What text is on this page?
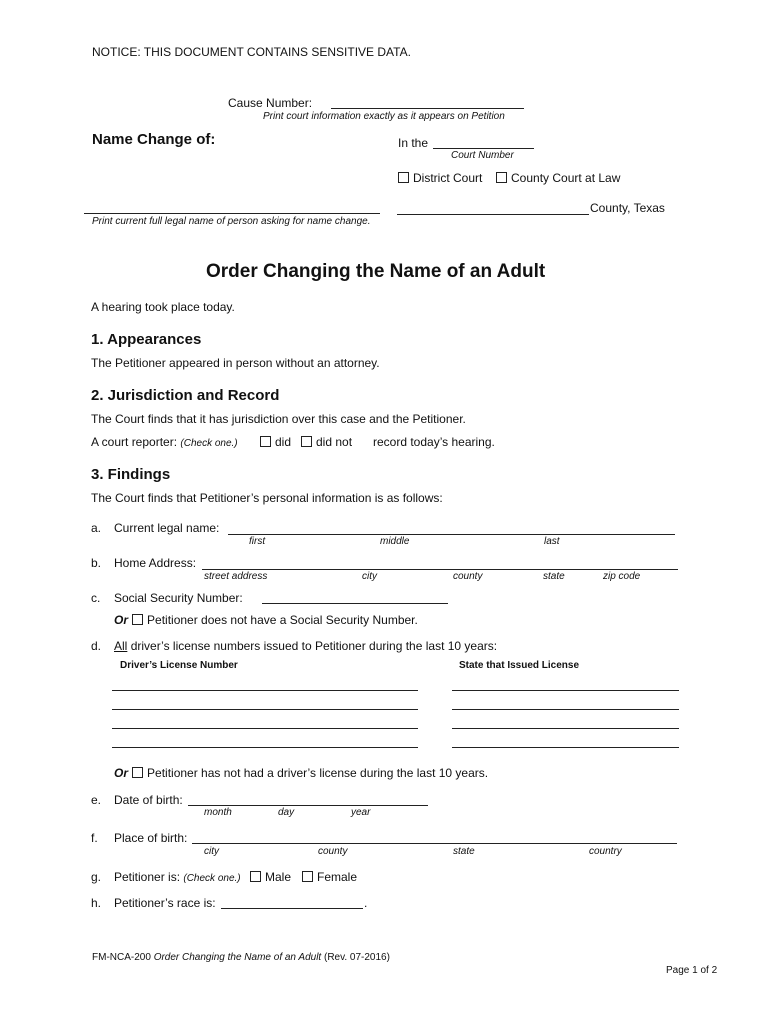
NOTICE: THIS DOCUMENT CONTAINS SENSITIVE DATA.
Cause Number:
Print court information exactly as it appears on Petition
Name Change of:
Print current full legal name of person asking for name change.
In the
Court Number
District Court	County Court at Law
County, Texas
Order Changing the Name of an Adult
A hearing took place today.
1. Appearances
The Petitioner appeared in person without an attorney.
2. Jurisdiction and Record
The Court finds that it has jurisdiction over this case and the Petitioner.
A court reporter: (Check one.)	did	did not record today’s hearing.
3. Findings
The Court finds that Petitioner’s personal information is as follows:
a. Current legal name:
first	middle	last
b. Home Address:
street address	city	county	state	zip code
c. Social Security Number:
Or Petitioner does not have a Social Security Number.
d. All driver’s license numbers issued to Petitioner during the last 10 years:
Driver’s License Number	State that Issued License
Or Petitioner has not had a driver’s license during the last 10 years.
e. Date of birth:
month	day	year
f. Place of birth:
city	county	state	country
g. Petitioner is: (Check one.)	Male	Female
h. Petitioner’s race is:	.
FM-NCA-200 Order Changing the Name of an Adult (Rev. 07-2016)
Page 1 of 2
